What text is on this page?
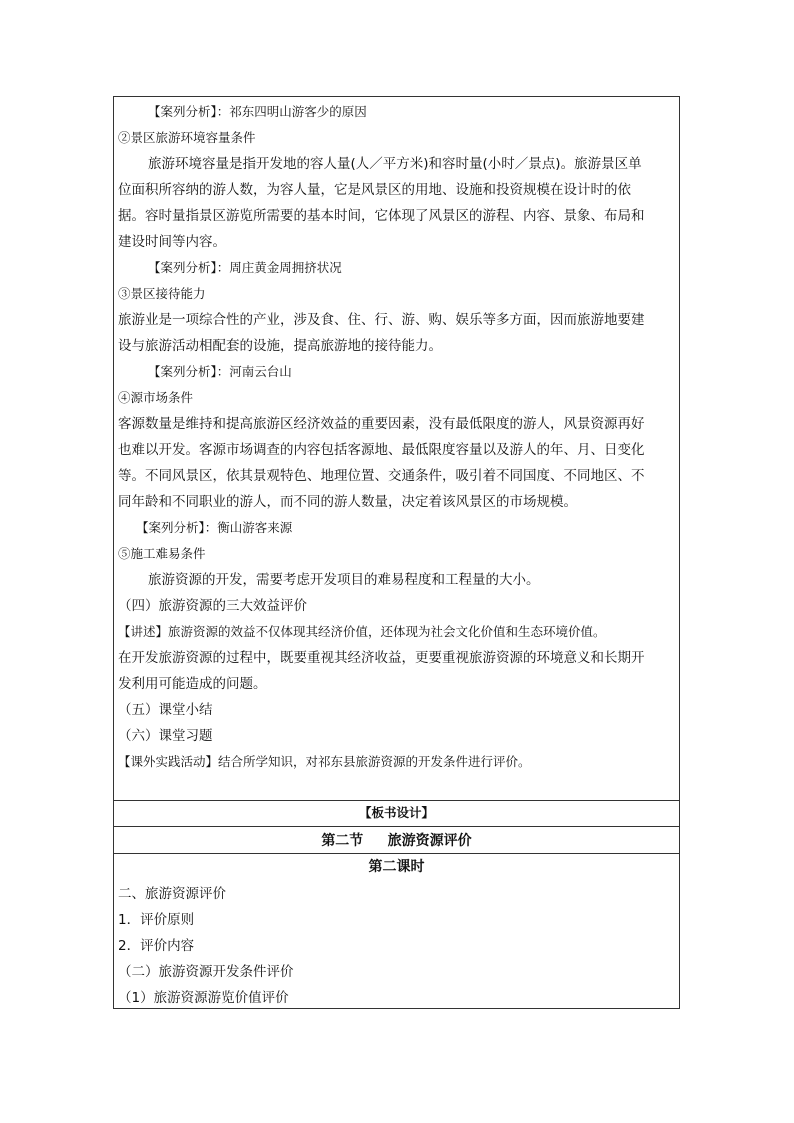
【案列分析】：祁东四明山游客少的原因
②景区旅游环境容量条件
旅游环境容量是指开发地的容人量(人／平方米)和容时量(小时／景点)。旅游景区单
位面积所容纳的游人数，为容人量，它是风景区的用地、设施和投资规模在设计时的依
据。容时量指景区游览所需要的基本时间，它体现了风景区的游程、内容、景象、布局和
建设时间等内容。
【案列分析】：周庄黄金周拥挤状况
③景区接待能力
旅游业是一项综合性的产业，涉及食、住、行、游、购、娱乐等多方面，因而旅游地要建
设与旅游活动相配套的设施，提高旅游地的接待能力。
【案列分析】：河南云台山
④源市场条件
客源数量是维持和提高旅游区经济效益的重要因素，没有最低限度的游人，风景资源再好
也难以开发。客源市场调查的内容包括客源地、最低限度容量以及游人的年、月、日变化
等。不同风景区，依其景观特色、地理位置、交通条件，吸引着不同国度、不同地区、不
同年龄和不同职业的游人，而不同的游人数量，决定着该风景区的市场规模。
【案列分析】：衡山游客来源
⑤施工难易条件
旅游资源的开发，需要考虑开发项目的难易程度和工程量的大小。
（四）旅游资源的三大效益评价
【讲述】旅游资源的效益不仅体现其经济价值，还体现为社会文化价值和生态环境价值。
在开发旅游资源的过程中，既要重视其经济收益，更要重视旅游资源的环境意义和长期开
发利用可能造成的问题。
（五）课堂小结
（六）课堂习题
【课外实践活动】结合所学知识，对祁东县旅游资源的开发条件进行评价。
【板书设计】
第二节     旅游资源评价
第二课时
二、旅游资源评价
1．评价原则
2．评价内容
（二）旅游资源开发条件评价
（1）旅游资源游览价值评价
